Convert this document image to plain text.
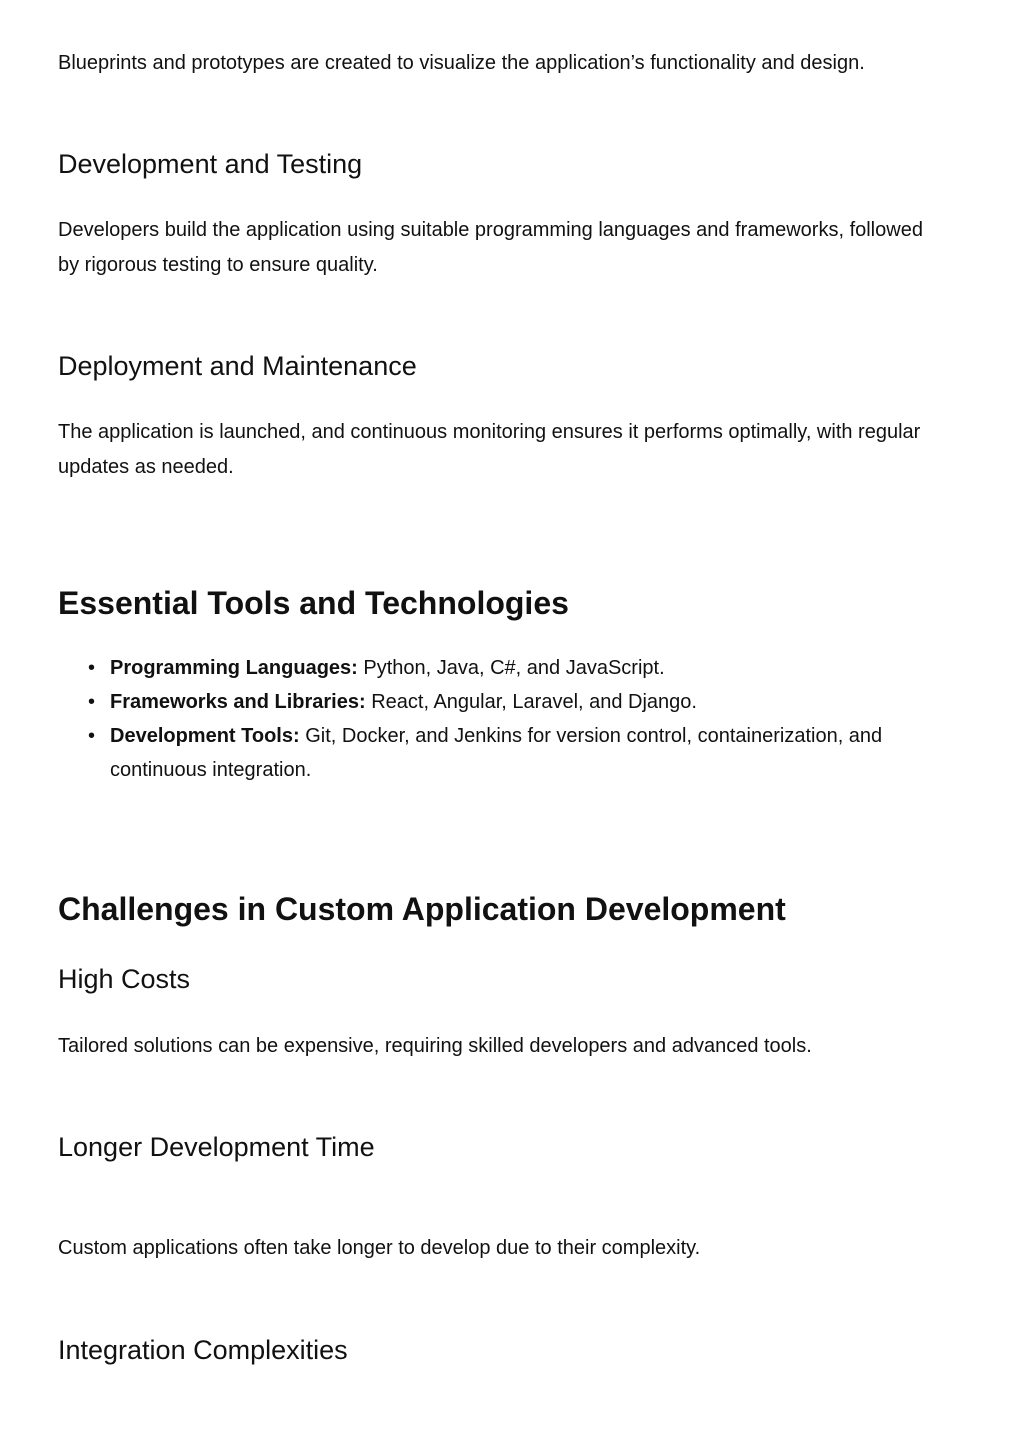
Blueprints and prototypes are created to visualize the application’s functionality and design.

Development and Testing

Developers build the application using suitable programming languages and frameworks, followed by rigorous testing to ensure quality.

Deployment and Maintenance

The application is launched, and continuous monitoring ensures it performs optimally, with regular updates as needed.

Essential Tools and Technologies
• Programming Languages: Python, Java, C#, and JavaScript.
• Frameworks and Libraries: React, Angular, Laravel, and Django.
• Development Tools: Git, Docker, and Jenkins for version control, containerization, and continuous integration.
Challenges in Custom Application Development
High Costs

Tailored solutions can be expensive, requiring skilled developers and advanced tools.

Longer Development Time

Custom applications often take longer to develop due to their complexity.

Integration Complexities
